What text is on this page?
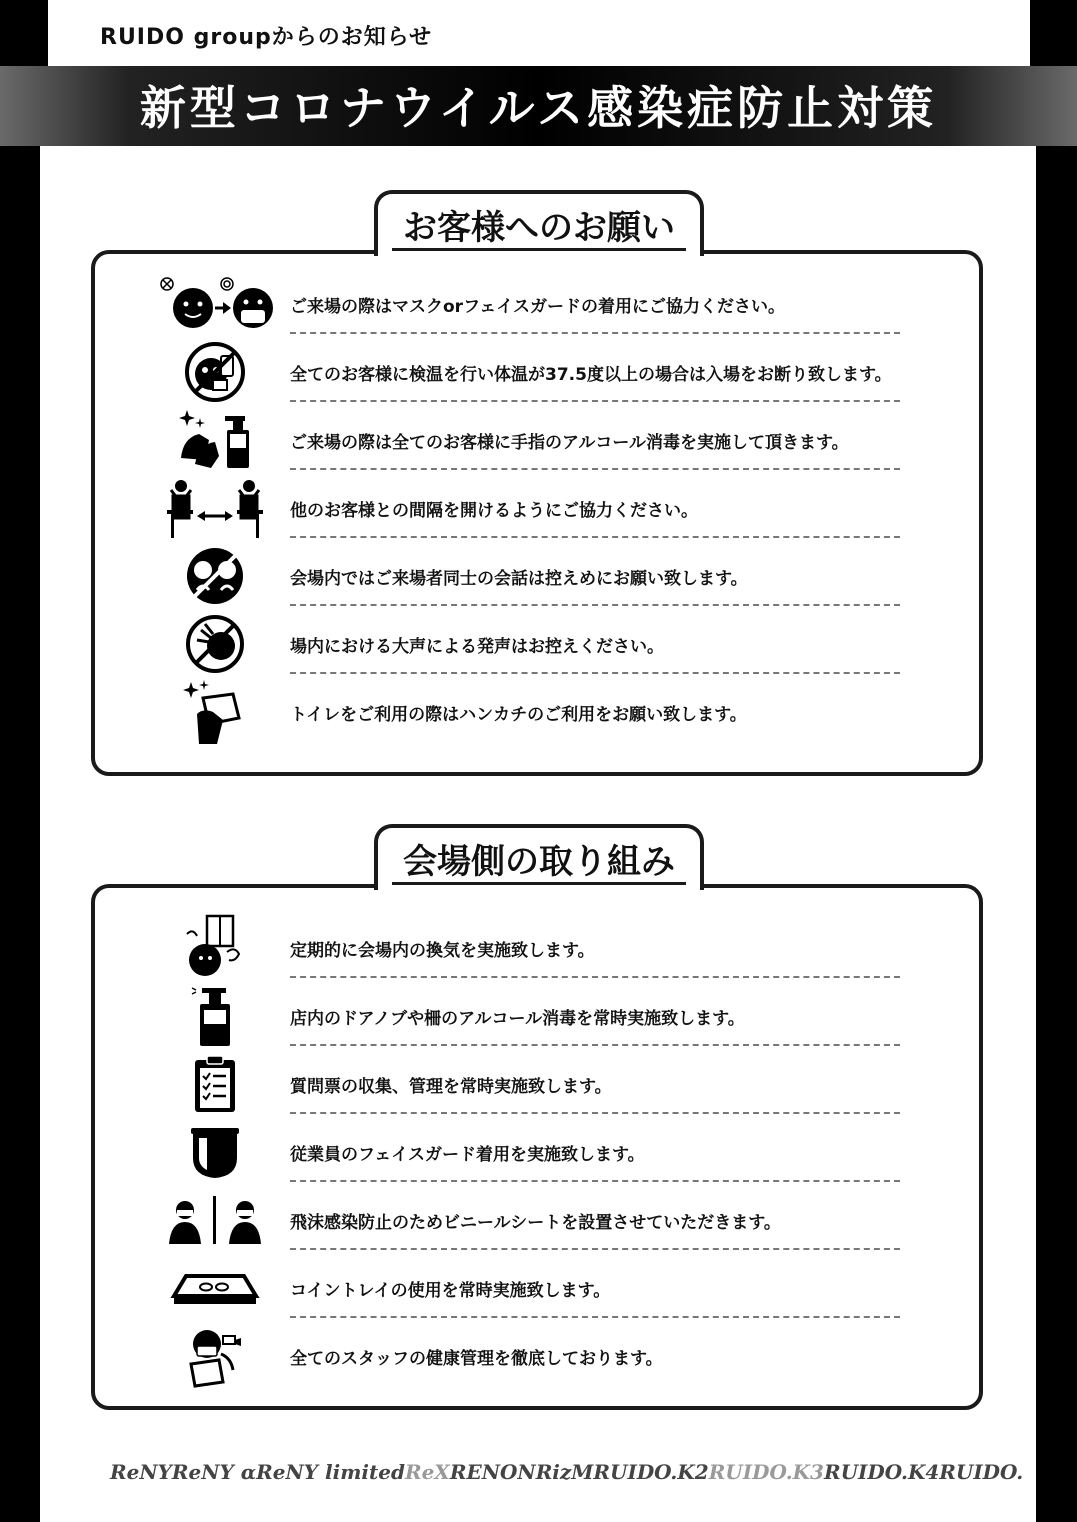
RUIDO groupからのお知らせ
新型コロナウイルス感染症防止対策
お客様へのお願い
ご来場の際はマスクorフェイスガードの着用にご協力ください。
全てのお客様に検温を行い体温が37.5度以上の場合は入場をお断り致します。
ご来場の際は全てのお客様に手指のアルコール消毒を実施して頂きます。
他のお客様との間隔を開けるようにご協力ください。
会場内ではご来場者同士の会話は控えめにお願い致します。
場内における大声による発声はお控えください。
トイレをご利用の際はハンカチのご利用をお願い致します。
会場側の取り組み
定期的に会場内の換気を実施致します。
店内のドアノブや柵のアルコール消毒を常時実施致します。
質問票の収集、管理を常時実施致します。
従業員のフェイスガード着用を実施致します。
飛沫感染防止のためビニールシートを設置させていただきます。
コイントレイの使用を常時実施致します。
全てのスタッフの健康管理を徹底しております。
ReNY ReNY α ReNY limited ReX RENON RizM RUIDO.K2 RUIDO.K3 RUIDO.K4 RUIDO.
